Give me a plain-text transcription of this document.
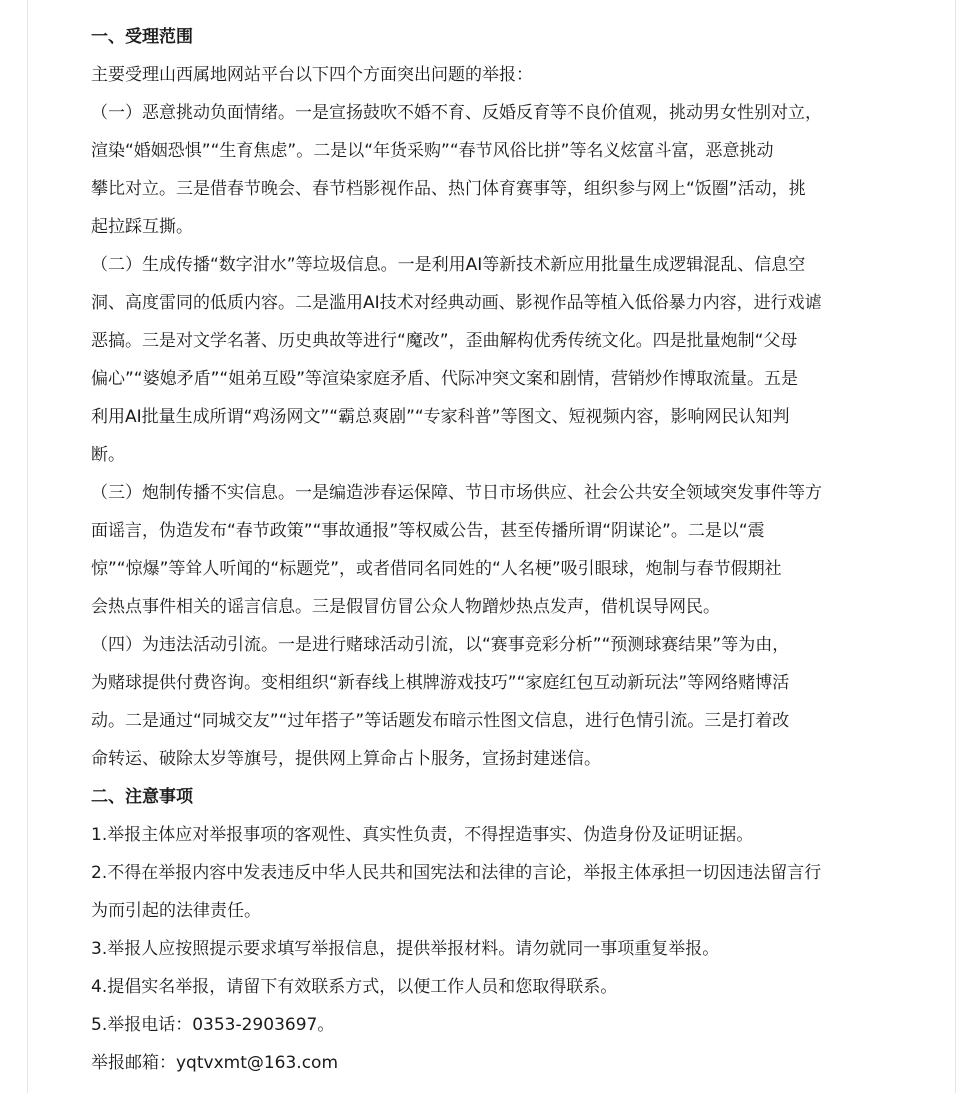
一、受理范围
主要受理山西属地网站平台以下四个方面突出问题的举报：
（一）恶意挑动负面情绪。一是宣扬鼓吹不婚不育、反婚反育等不良价值观，挑动男女性别对立，
渲染“婚姻恐惧”“生育焦虑”。二是以“年货采购”“春节风俗比拼”等名义炫富斗富，恶意挑动
攀比对立。三是借春节晚会、春节档影视作品、热门体育赛事等，组织参与网上“饭圈”活动，挑
起拉踩互撕。
（二）生成传播“数字泔水”等垃圾信息。一是利用AI等新技术新应用批量生成逻辑混乱、信息空
洞、高度雷同的低质内容。二是滥用AI技术对经典动画、影视作品等植入低俗暴力内容，进行戏谑
恶搞。三是对文学名著、历史典故等进行“魔改”，歪曲解构优秀传统文化。四是批量炮制“父母
偏心”“婆媳矛盾”“姐弟互殴”等渲染家庭矛盾、代际冲突文案和剧情，营销炒作博取流量。五是
利用AI批量生成所谓“鸡汤网文”“霸总爽剧”“专家科普”等图文、短视频内容，影响网民认知判
断。
（三）炮制传播不实信息。一是编造涉春运保障、节日市场供应、社会公共安全领域突发事件等方
面谣言，伪造发布“春节政策”“事故通报”等权威公告，甚至传播所谓“阴谋论”。二是以“震
惊”“惊爆”等耸人听闻的“标题党”，或者借同名同姓的“人名梗”吸引眼球，炮制与春节假期社
会热点事件相关的谣言信息。三是假冒仿冒公众人物蹭炒热点发声，借机误导网民。
（四）为违法活动引流。一是进行赌球活动引流，以“赛事竞彩分析”“预测球赛结果”等为由，
为赌球提供付费咨询。变相组织“新春线上棋牌游戏技巧”“家庭红包互动新玩法”等网络赌博活
动。二是通过“同城交友”“过年搭子”等话题发布暗示性图文信息，进行色情引流。三是打着改
命转运、破除太岁等旗号，提供网上算命占卜服务，宣扬封建迷信。
二、注意事项
1.举报主体应对举报事项的客观性、真实性负责，不得捏造事实、伪造身份及证明证据。
2.不得在举报内容中发表违反中华人民共和国宪法和法律的言论，举报主体承担一切因违法留言行
为而引起的法律责任。
3.举报人应按照提示要求填写举报信息，提供举报材料。请勿就同一事项重复举报。
4.提倡实名举报，请留下有效联系方式，以便工作人员和您取得联系。
5.举报电话：0353-2903697。
举报邮箱：yqtvxmt@163.com
